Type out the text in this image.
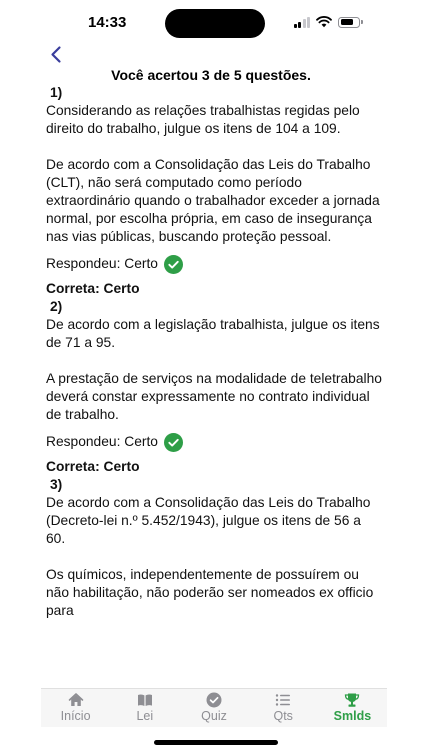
14:33
Você acertou 3 de 5 questões.
1)

Considerando as relações trabalhistas regidas pelo direito do trabalho, julgue os itens de 104 a 109.

De acordo com a Consolidação das Leis do Trabalho (CLT), não será computado como período extraordinário quando o trabalhador exceder a jornada normal, por escolha própria, em caso de insegurança nas vias públicas, buscando proteção pessoal.

Respondeu: Certo
Correta: Certo
2)

De acordo com a legislação trabalhista, julgue os itens de 71 a 95.

A prestação de serviços na modalidade de teletrabalho deverá constar expressamente no contrato individual de trabalho.

Respondeu: Certo
Correta: Certo
3)

De acordo com a Consolidação das Leis do Trabalho (Decreto-lei n.º 5.452/1943), julgue os itens de 56 a 60.

Os químicos, independentemente de possuírem ou não habilitação, não poderão ser nomeados ex officio para

Início	Lei	Quiz	Qts	Smlds
